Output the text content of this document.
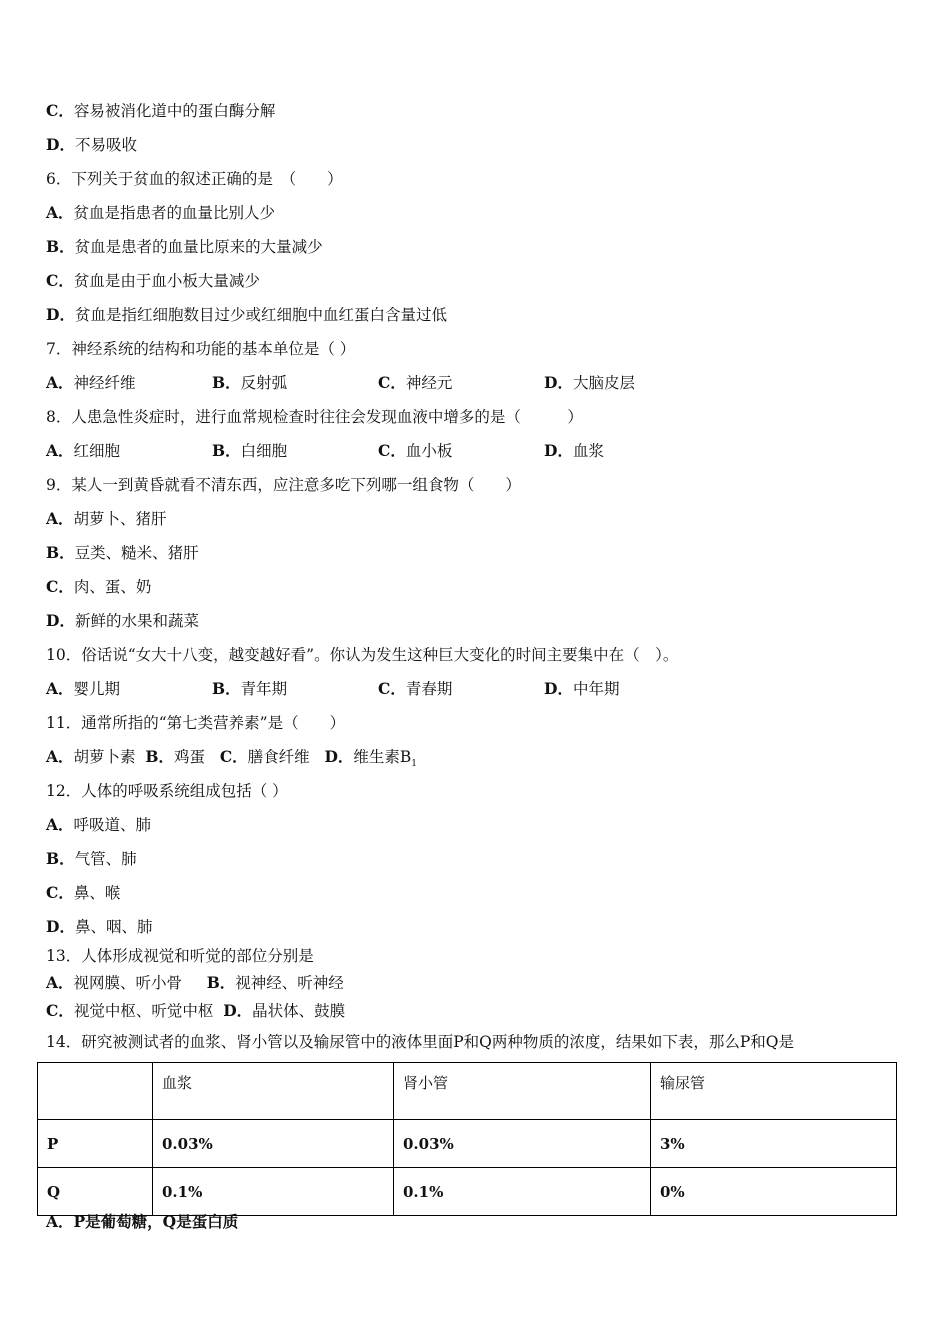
C．容易被消化道中的蛋白酶分解
D．不易吸收
6．下列关于贫血的叙述正确的是　（　　）
A．贫血是指患者的血量比别人少
B．贫血是患者的血量比原来的大量减少
C．贫血是由于血小板大量减少
D．贫血是指红细胞数目过少或红细胞中血红蛋白含量过低
7．神经系统的结构和功能的基本单位是（ ）
A．神经纤维	B．反射弧	C．神经元	D．大脑皮层
8．人患急性炎症时，进行血常规检查时往往会发现血液中增多的是（　　　）
A．红细胞	B．白细胞	C．血小板	D．血浆
9．某人一到黄昏就看不清东西，应注意多吃下列哪一组食物（　　）
A．胡萝卜、猪肝
B．豆类、糙米、猪肝
C．肉、蛋、奶
D．新鲜的水果和蔬菜
10．俗话说“女大十八变，越变越好看”。你认为发生这种巨大变化的时间主要集中在（　）。
A．婴儿期	B．青年期	C．青春期	D．中年期
11．通常所指的“第七类营养素”是（　　）
A．胡萝卜素 B．鸡蛋 C．膳食纤维 D．维生素$B_1$
12．人体的呼吸系统组成包括（ ）
A．呼吸道、肺
B．气管、肺
C．鼻、喉
D．鼻、咽、肺
13．人体形成视觉和听觉的部位分别是
A．视网膜、听小骨 B．视神经、听神经
C．视觉中枢、听觉中枢 D．晶状体、鼓膜
14．研究被测试者的血浆、肾小管以及输尿管中的液体里面P和Q两种物质的浓度，结果如下表，那么P和Q是
	血浆	肾小管	输尿管
P	0.03%	0.03%	3%
Q	0.1%	0.1%	0%
A．P是葡萄糖，Q是蛋白质
